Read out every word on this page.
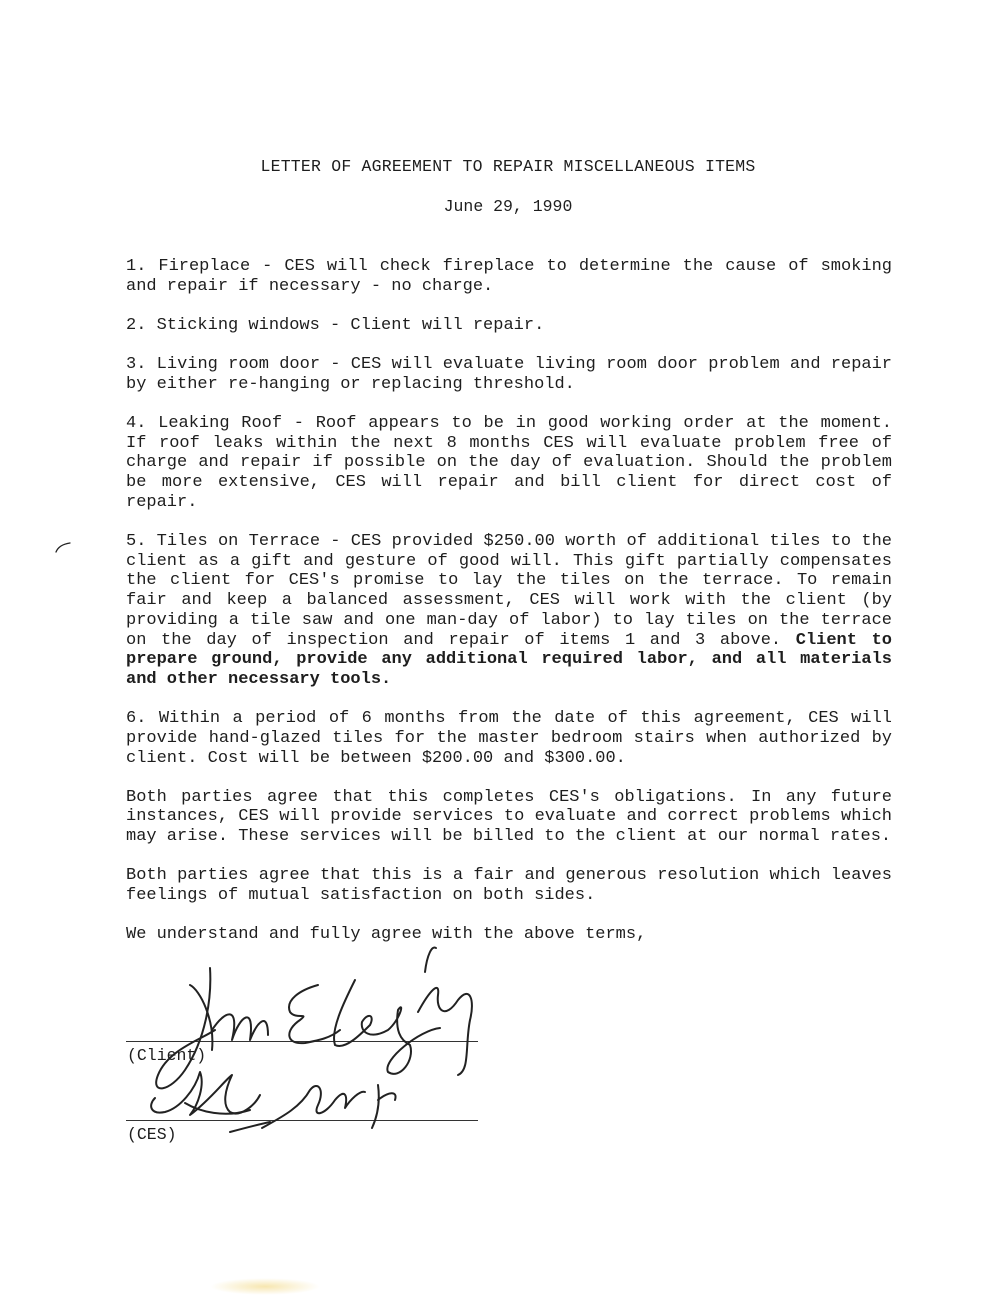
LETTER OF AGREEMENT TO REPAIR MISCELLANEOUS ITEMS
June 29, 1990

1. Fireplace - CES will check fireplace to determine the cause of smoking and repair if necessary - no charge.

2. Sticking windows - Client will repair.

3. Living room door - CES will evaluate living room door problem and repair by either re-hanging or replacing threshold.

4. Leaking Roof - Roof appears to be in good working order at the moment. If roof leaks within the next 8 months CES will evaluate problem free of charge and repair if possible on the day of evaluation. Should the problem be more extensive, CES will repair and bill client for direct cost of repair.

5. Tiles on Terrace - CES provided $250.00 worth of additional tiles to the client as a gift and gesture of good will. This gift partially compensates the client for CES's promise to lay the tiles on the terrace. To remain fair and keep a balanced assessment, CES will work with the client (by providing a tile saw and one man-day of labor) to lay tiles on the terrace on the day of inspection and repair of items 1 and 3 above. Client to prepare ground, provide any additional required labor, and all materials and other necessary tools.

6. Within a period of 6 months from the date of this agreement, CES will provide hand-glazed tiles for the master bedroom stairs when authorized by client. Cost will be between $200.00 and $300.00.

Both parties agree that this completes CES's obligations. In any future instances, CES will provide services to evaluate and correct problems which may arise. These services will be billed to the client at our normal rates.

Both parties agree that this is a fair and generous resolution which leaves feelings of mutual satisfaction on both sides.

We understand and fully agree with the above terms,

(Client)
(CES)
